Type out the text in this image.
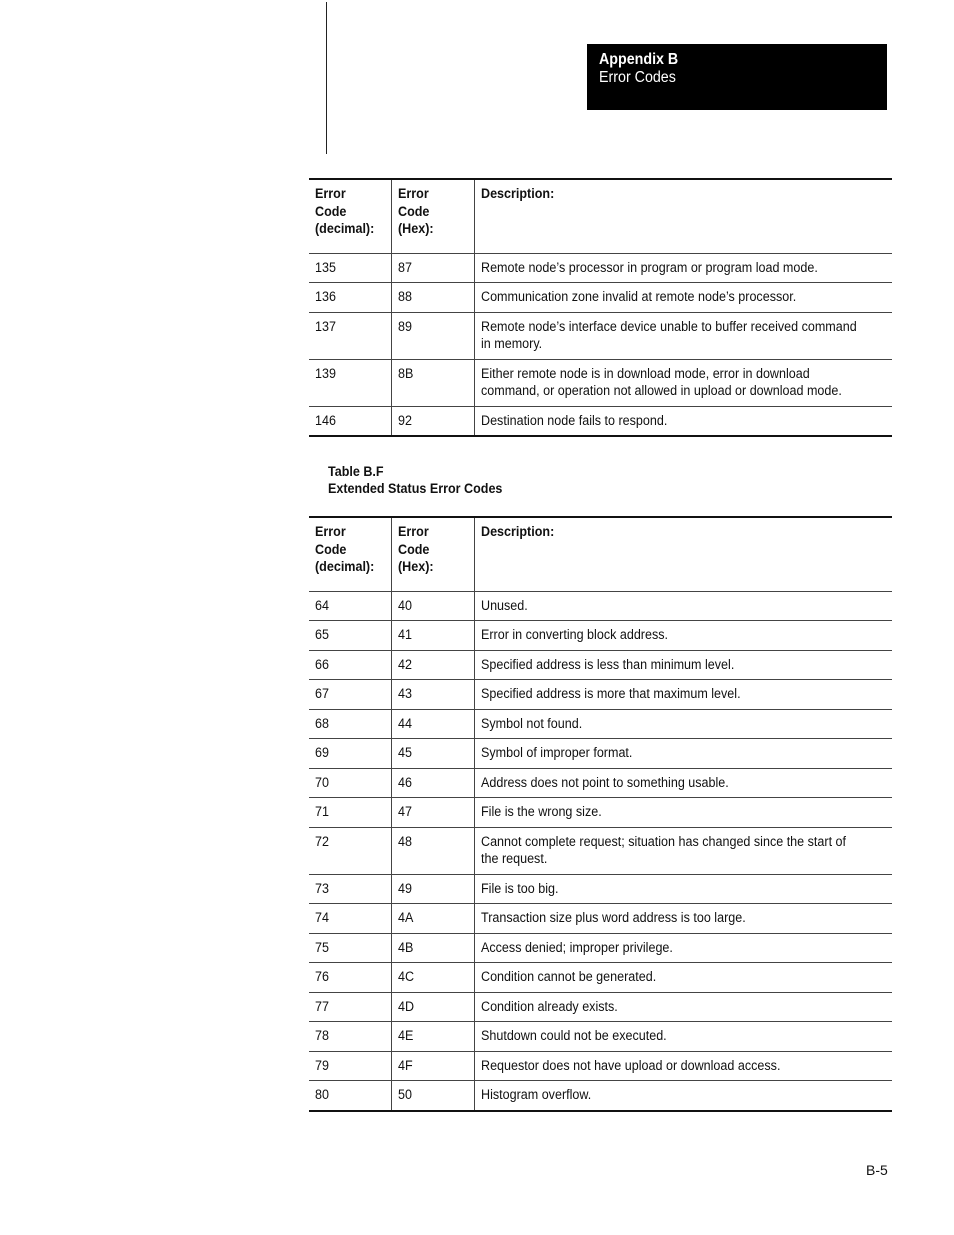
Appendix B
Error Codes
Error Code (decimal):	Error Code (Hex):	Description:
135	87	Remote node’s processor in program or program load mode.
136	88	Communication zone invalid at remote node’s processor.
137	89	Remote node’s interface device unable to buffer received command in memory.
139	8B	Either remote node is in download mode, error in download command, or operation not allowed in upload or download mode.
146	92	Destination node fails to respond.
Table B.F
Extended Status Error Codes
Error Code (decimal):	Error Code (Hex):	Description:
64	40	Unused.
65	41	Error in converting block address.
66	42	Specified address is less than minimum level.
67	43	Specified address is more that maximum level.
68	44	Symbol not found.
69	45	Symbol of improper format.
70	46	Address does not point to something usable.
71	47	File is the wrong size.
72	48	Cannot complete request; situation has changed since the start of the request.
73	49	File is too big.
74	4A	Transaction size plus word address is too large.
75	4B	Access denied; improper privilege.
76	4C	Condition cannot be generated.
77	4D	Condition already exists.
78	4E	Shutdown could not be executed.
79	4F	Requestor does not have upload or download access.
80	50	Histogram overflow.
B-5
